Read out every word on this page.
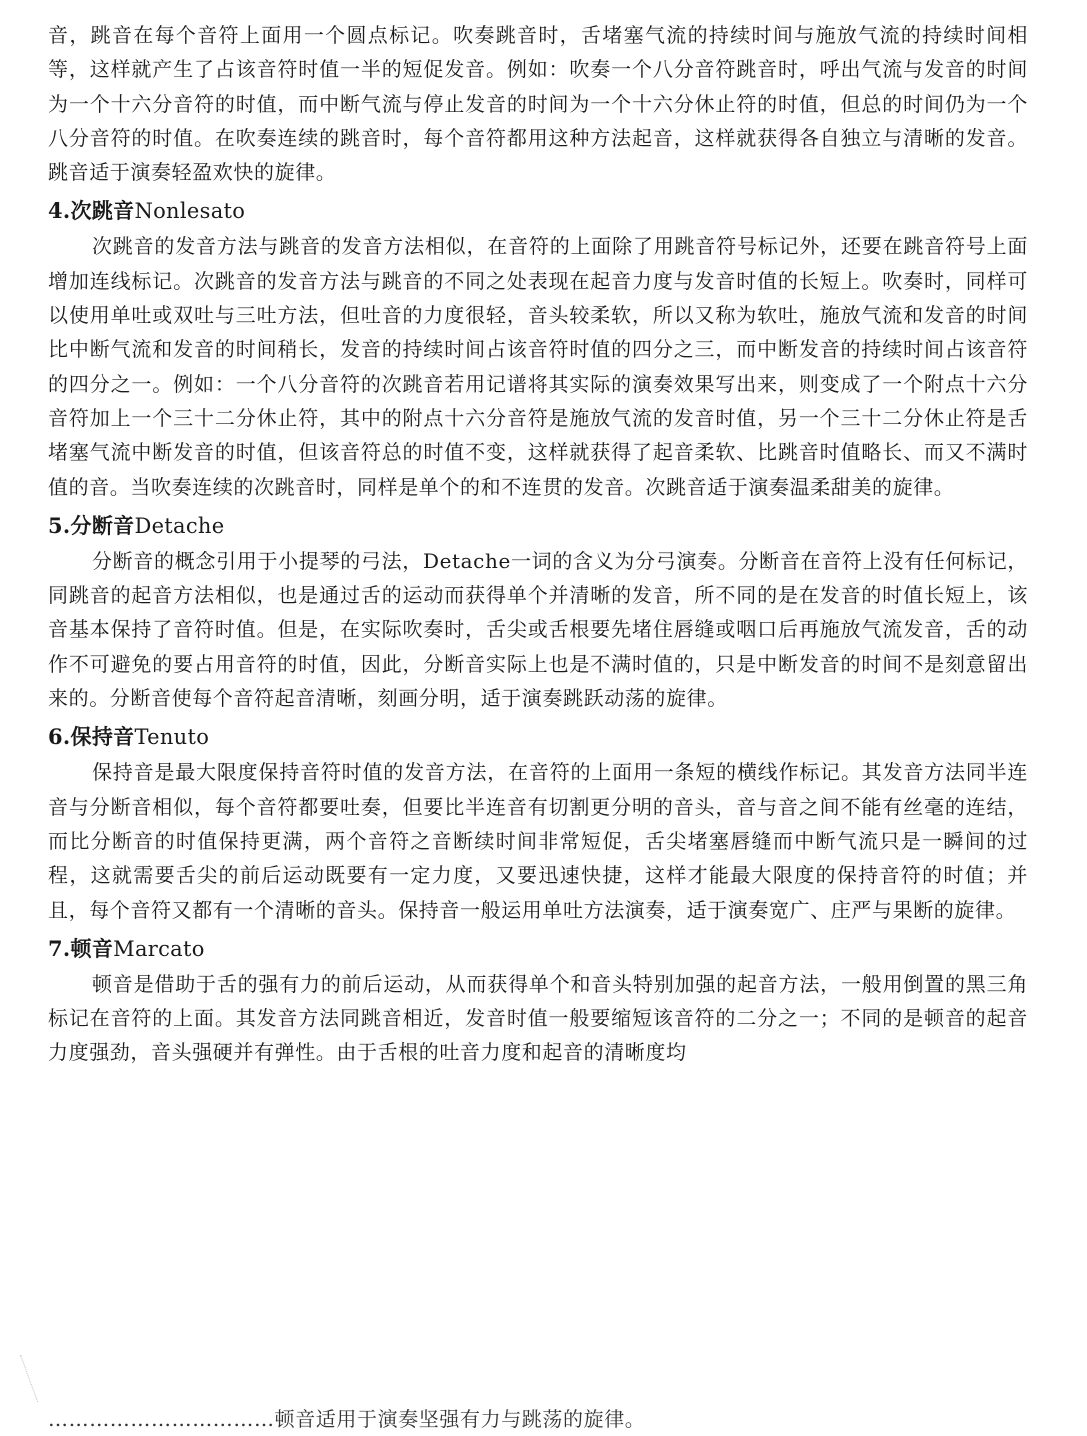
音，跳音在每个音符上面用一个圆点标记。吹奏跳音时，舌堵塞气流的持续时间与施放气流的持续时间相等，这样就产生了占该音符时值一半的短促发音。例如：吹奏一个八分音符跳音时，呼出气流与发音的时间为一个十六分音符的时值，而中断气流与停止发音的时间为一个十六分休止符的时值，但总的时间仍为一个八分音符的时值。在吹奏连续的跳音时，每个音符都用这种方法起音，这样就获得各自独立与清晰的发音。跳音适于演奏轻盈欢快的旋律。

4.次跳音Nonlesato

次跳音的发音方法与跳音的发音方法相似，在音符的上面除了用跳音符号标记外，还要在跳音符号上面增加连线标记。次跳音的发音方法与跳音的不同之处表现在起音力度与发音时值的长短上。吹奏时，同样可以使用单吐或双吐与三吐方法，但吐音的力度很轻，音头较柔软，所以又称为软吐，施放气流和发音的时间比中断气流和发音的时间稍长，发音的持续时间占该音符时值的四分之三，而中断发音的持续时间占该音符的四分之一。例如：一个八分音符的次跳音若用记谱将其实际的演奏效果写出来，则变成了一个附点十六分音符加上一个三十二分休止符，其中的附点十六分音符是施放气流的发音时值，另一个三十二分休止符是舌堵塞气流中断发音的时值，但该音符总的时值不变，这样就获得了起音柔软、比跳音时值略长、而又不满时值的音。当吹奏连续的次跳音时，同样是单个的和不连贯的发音。次跳音适于演奏温柔甜美的旋律。

5.分断音Detache

分断音的概念引用于小提琴的弓法，Detache一词的含义为分弓演奏。分断音在音符上没有任何标记，同跳音的起音方法相似，也是通过舌的运动而获得单个并清晰的发音，所不同的是在发音的时值长短上，该音基本保持了音符时值。但是，在实际吹奏时，舌尖或舌根要先堵住唇缝或咽口后再施放气流发音，舌的动作不可避免的要占用音符的时值，因此，分断音实际上也是不满时值的，只是中断发音的时间不是刻意留出来的。分断音使每个音符起音清晰，刻画分明，适于演奏跳跃动荡的旋律。

6.保持音Tenuto

保持音是最大限度保持音符时值的发音方法，在音符的上面用一条短的横线作标记。其发音方法同半连音与分断音相似，每个音符都要吐奏，但要比半连音有切割更分明的音头，音与音之间不能有丝毫的连结，而比分断音的时值保持更满，两个音符之音断续时间非常短促，舌尖堵塞唇缝而中断气流只是一瞬间的过程，这就需要舌尖的前后运动既要有一定力度，又要迅速快捷，这样才能最大限度的保持音符的时值；并且，每个音符又都有一个清晰的音头。保持音一般运用单吐方法演奏，适于演奏宽广、庄严与果断的旋律。

7.顿音Marcato

顿音是借助于舌的强有力的前后运动，从而获得单个和音头特别加强的起音方法，一般用倒置的黑三角标记在音符的上面。其发音方法同跳音相近，发音时值一般要缩短该音符的二分之一；不同的是顿音的起音力度强劲，音头强硬并有弹性。由于舌根的吐音力度和起音的清晰度均

……………………………顿音适用于演奏坚强有力与跳荡的旋律。
